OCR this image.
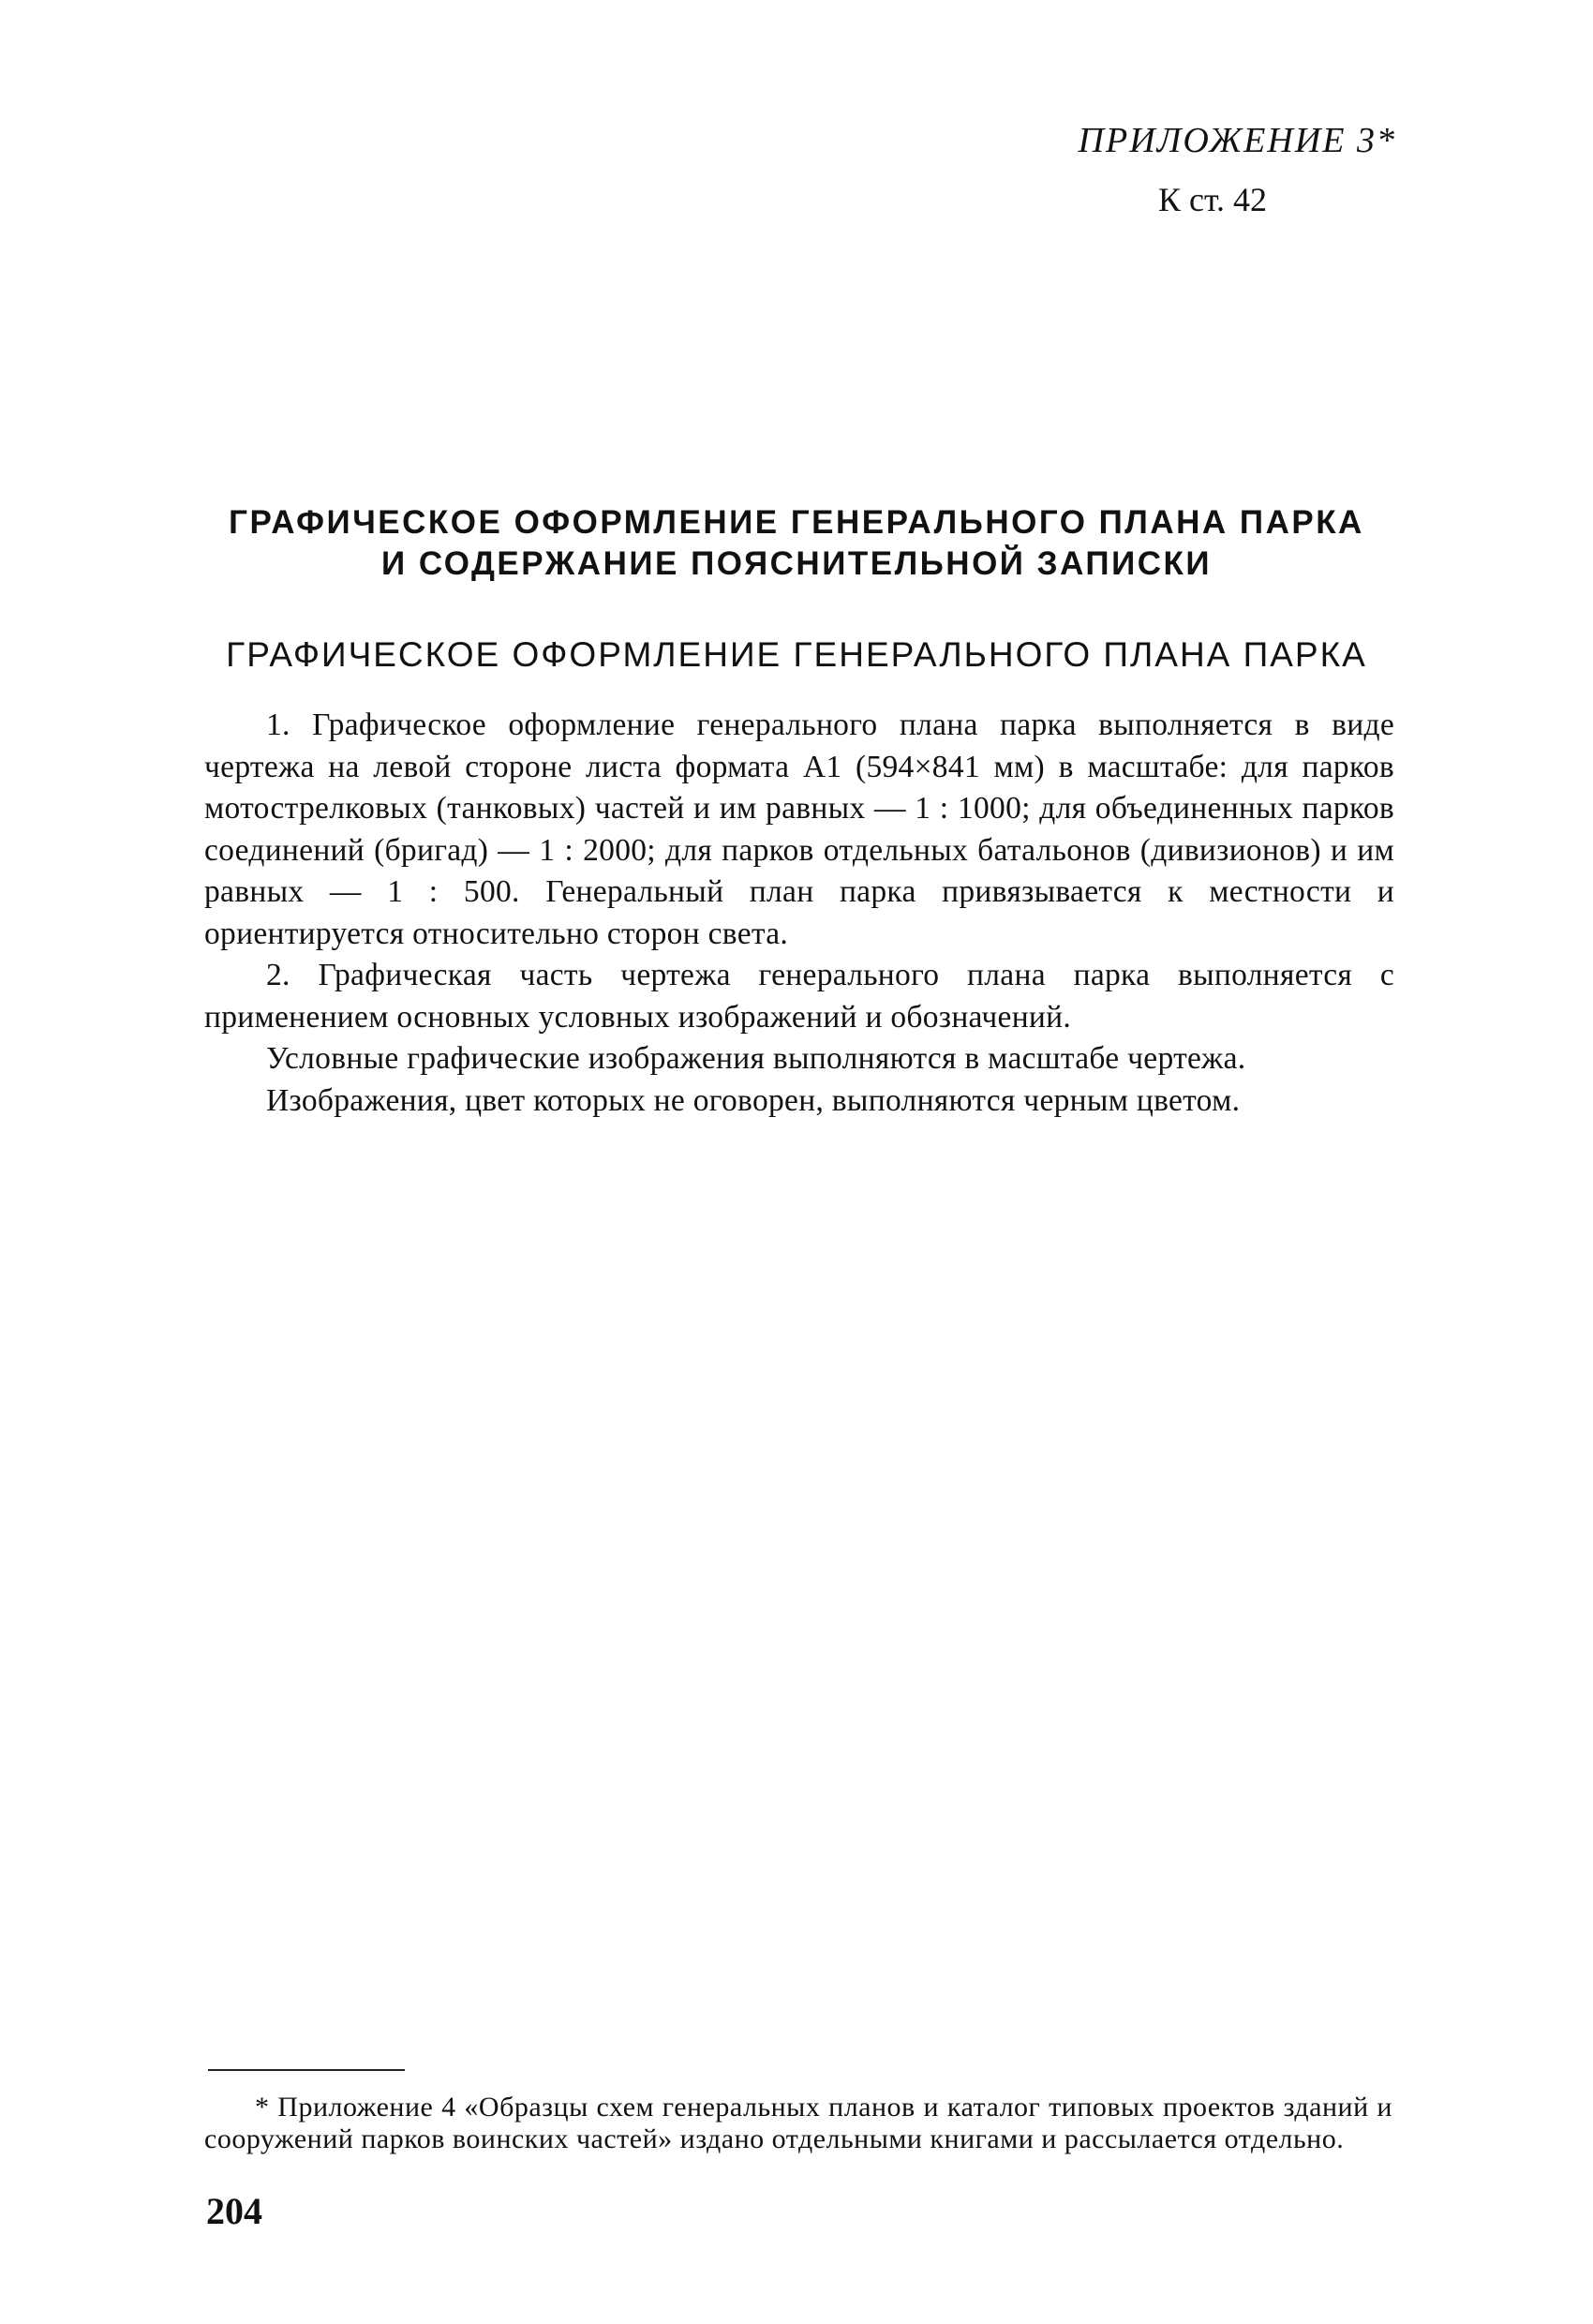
ПРИЛОЖЕНИЕ 3*
К ст. 42
ГРАФИЧЕСКОЕ ОФОРМЛЕНИЕ ГЕНЕРАЛЬНОГО ПЛАНА ПАРКА
И СОДЕРЖАНИЕ ПОЯСНИТЕЛЬНОЙ ЗАПИСКИ
ГРАФИЧЕСКОЕ ОФОРМЛЕНИЕ ГЕНЕРАЛЬНОГО ПЛАНА ПАРКА

1. Графическое оформление генерального плана парка выполняется в виде чертежа на левой стороне листа формата А1 (594×841 мм) в масштабе: для парков мотострелковых (танковых) частей и им равных — 1 : 1000; для объединенных парков соединений (бригад) — 1 : 2000; для парков отдельных батальонов (дивизионов) и им равных — 1 : 500. Генеральный план парка привязывается к местности и ориентируется относительно сторон света.

2. Графическая часть чертежа генерального плана парка выполняется с применением основных условных изображений и обозначений.

Условные графические изображения выполняются в масштабе чертежа.

Изображения, цвет которых не оговорен, выполняются черным цветом.

* Приложение 4 «Образцы схем генеральных планов и каталог типовых проектов зданий и сооружений парков воинских частей» издано отдельными книгами и рассылается отдельно.
204
